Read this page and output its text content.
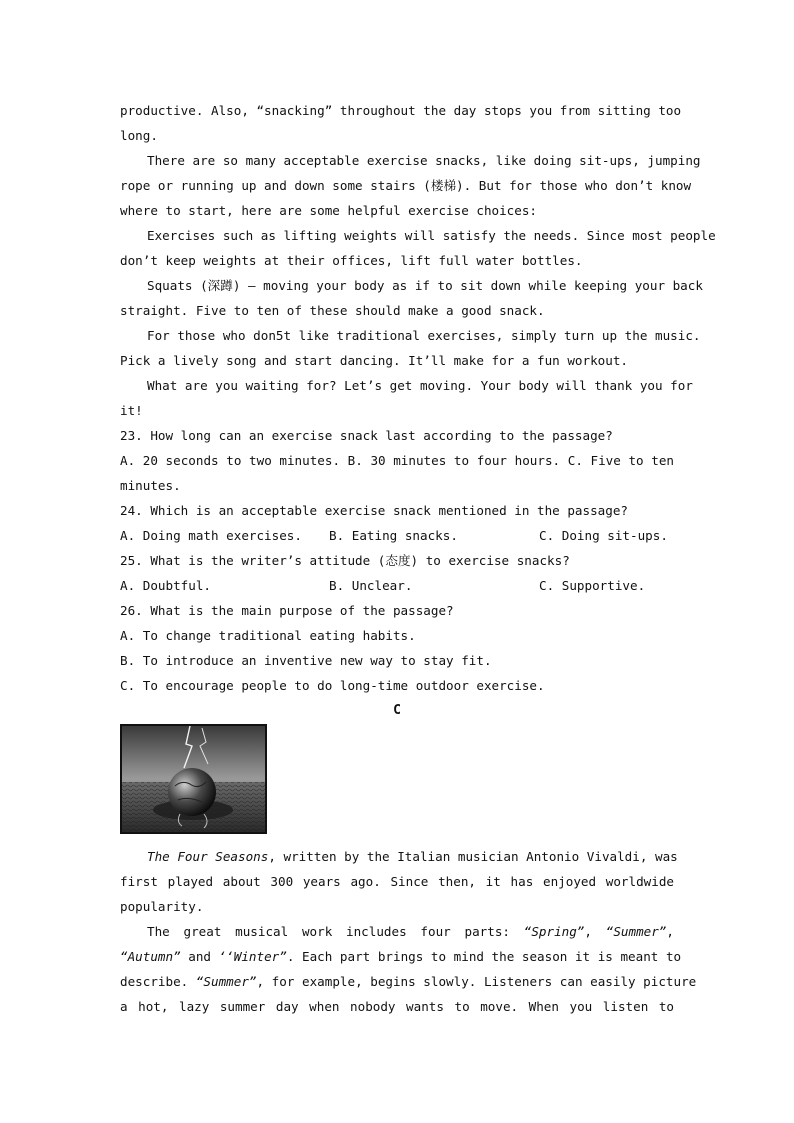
productive. Also, “snacking” throughout the day stops you from sitting too
long.
There are so many acceptable exercise snacks, like doing sit-ups, jumping
rope or running up and down some stairs (楼梯). But for those who don’t know
where to start, here are some helpful exercise choices:
Exercises such as lifting weights will satisfy the needs. Since most people
don’t keep weights at their offices, lift full water bottles.
Squats (深蹲) — moving your body as if to sit down while keeping your back
straight. Five to ten of these should make a good snack.
For those who don5t like traditional exercises, simply turn up the music.
Pick a lively song and start dancing. It’ll make for a fun workout.
What are you waiting for? Let’s get moving. Your body will thank you for
it!
23. How long can an exercise snack last according to the passage?
A. 20 seconds to two minutes. B. 30 minutes to four hours. C. Five to ten
minutes.
24. Which is an acceptable exercise snack mentioned in the passage?
A. Doing math exercises.	B. Eating snacks.	C. Doing sit-ups.
25. What is the writer’s attitude (态度) to exercise snacks?
A. Doubtful.	B. Unclear.	C. Supportive.
26. What is the main purpose of the passage?
A. To change traditional eating habits.
B. To introduce an inventive new way to stay fit.
C. To encourage people to do long-time outdoor exercise.
C
The Four Seasons, written by the Italian musician Antonio Vivaldi, was
first played about 300 years ago. Since then, it has enjoyed worldwide
popularity.
The great musical work includes four parts: “Spring”, “Summer”,
“Autumn” and ‘‘Winter”. Each part brings to mind the season it is meant to
describe. “Summer”, for example, begins slowly. Listeners can easily picture
a hot, lazy summer day when nobody wants to move. When you listen to
